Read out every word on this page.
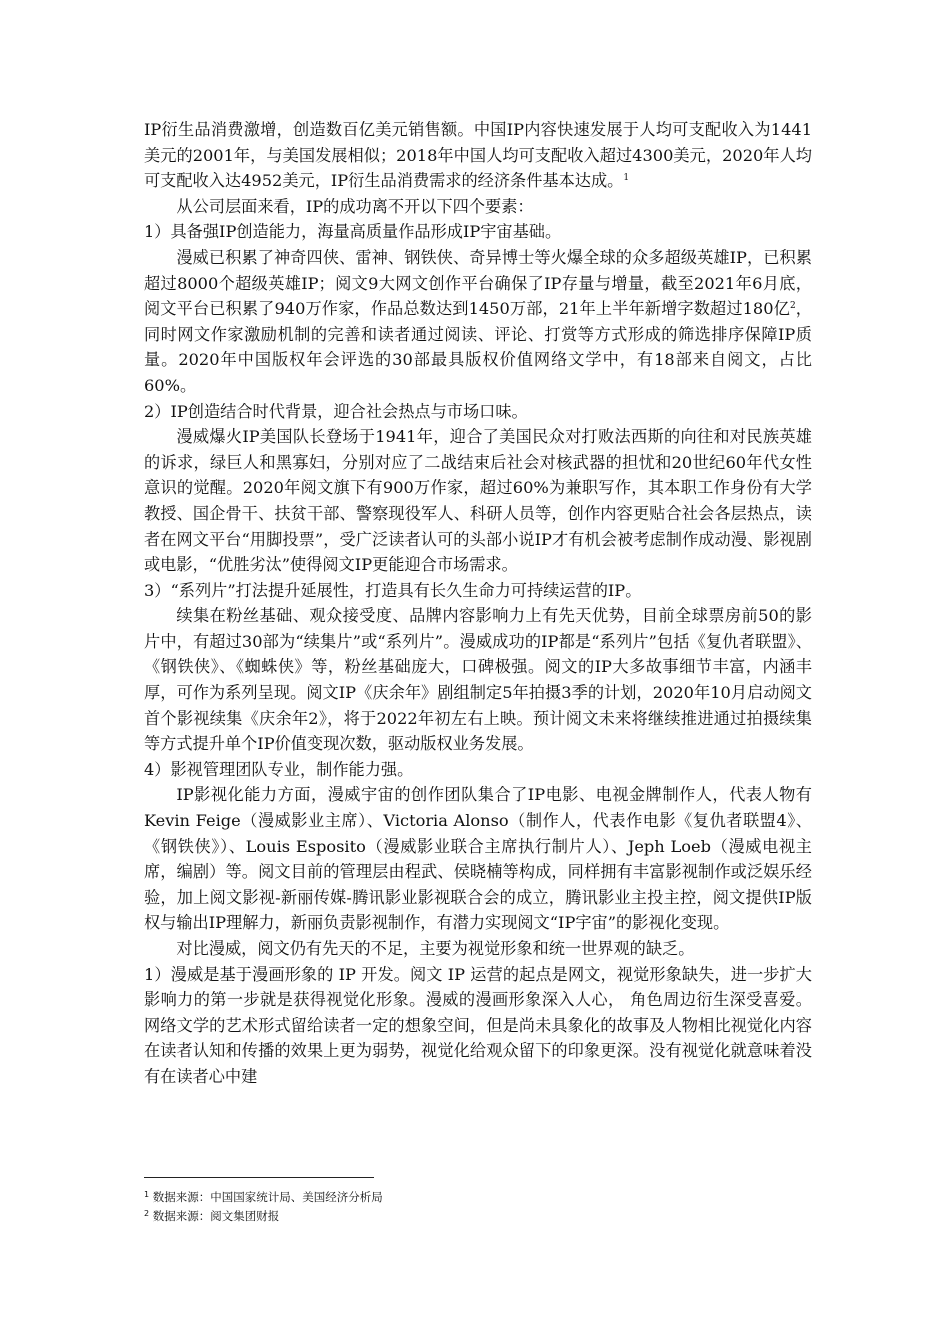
IP衍生品消费激增，创造数百亿美元销售额。中国IP内容快速发展于人均可支配收入为1441美元的2001年，与美国发展相似；2018年中国人均可支配收入超过4300美元，2020年人均可支配收入达4952美元，IP衍生品消费需求的经济条件基本达成。$^1$

从公司层面来看，IP的成功离不开以下四个要素：

1）具备强IP创造能力，海量高质量作品形成IP宇宙基础。

漫威已积累了神奇四侠、雷神、钢铁侠、奇异博士等火爆全球的众多超级英雄IP，已积累超过8000个超级英雄IP；阅文9大网文创作平台确保了IP存量与增量，截至2021年6月底，阅文平台已积累了940万作家，作品总数达到1450万部，21年上半年新增字数超过180亿$^2$，同时网文作家激励机制的完善和读者通过阅读、评论、打赏等方式形成的筛选排序保障IP质量。2020年中国版权年会评选的30部最具版权价值网络文学中，有18部来自阅文，占比60%。

2）IP创造结合时代背景，迎合社会热点与市场口味。

漫威爆火IP美国队长登场于1941年，迎合了美国民众对打败法西斯的向往和对民族英雄的诉求，绿巨人和黑寡妇，分别对应了二战结束后社会对核武器的担忧和20世纪60年代女性意识的觉醒。2020年阅文旗下有900万作家，超过60%为兼职写作，其本职工作身份有大学教授、国企骨干、扶贫干部、警察现役军人、科研人员等，创作内容更贴合社会各层热点，读者在网文平台“用脚投票”，受广泛读者认可的头部小说IP才有机会被考虑制作成动漫、影视剧或电影，“优胜劣汰”使得阅文IP更能迎合市场需求。

3）“系列片”打法提升延展性，打造具有长久生命力可持续运营的IP。

续集在粉丝基础、观众接受度、品牌内容影响力上有先天优势，目前全球票房前50的影片中，有超过30部为“续集片”或“系列片”。漫威成功的IP都是“系列片”包括《复仇者联盟》、《钢铁侠》、《蜘蛛侠》等，粉丝基础庞大，口碑极强。阅文的IP大多故事细节丰富，内涵丰厚，可作为系列呈现。阅文IP《庆余年》剧组制定5年拍摄3季的计划，2020年10月启动阅文首个影视续集《庆余年2》，将于2022年初左右上映。预计阅文未来将继续推进通过拍摄续集等方式提升单个IP价值变现次数，驱动版权业务发展。

4）影视管理团队专业，制作能力强。

IP影视化能力方面，漫威宇宙的创作团队集合了IP电影、电视金牌制作人，代表人物有Kevin Feige（漫威影业主席）、Victoria Alonso（制作人，代表作电影《复仇者联盟4》、《钢铁侠》）、Louis Esposito（漫威影业联合主席执行制片人）、Jeph Loeb（漫威电视主席，编剧）等。阅文目前的管理层由程武、侯晓楠等构成，同样拥有丰富影视制作或泛娱乐经验，加上阅文影视-新丽传媒-腾讯影业影视联合会的成立，腾讯影业主投主控，阅文提供IP版权与输出IP理解力，新丽负责影视制作，有潜力实现阅文“IP宇宙”的影视化变现。

对比漫威，阅文仍有先天的不足，主要为视觉形象和统一世界观的缺乏。

1）漫威是基于漫画形象的 IP 开发。阅文 IP 运营的起点是网文，视觉形象缺失，进一步扩大影响力的第一步就是获得视觉化形象。漫威的漫画形象深入人心， 角色周边衍生深受喜爱。网络文学的艺术形式留给读者一定的想象空间，但是尚未具象化的故事及人物相比视觉化内容在读者认知和传播的效果上更为弱势，视觉化给观众留下的印象更深。没有视觉化就意味着没有在读者心中建

$^1$ 数据来源：中国国家统计局、美国经济分析局
$^2$ 数据来源：阅文集团财报
